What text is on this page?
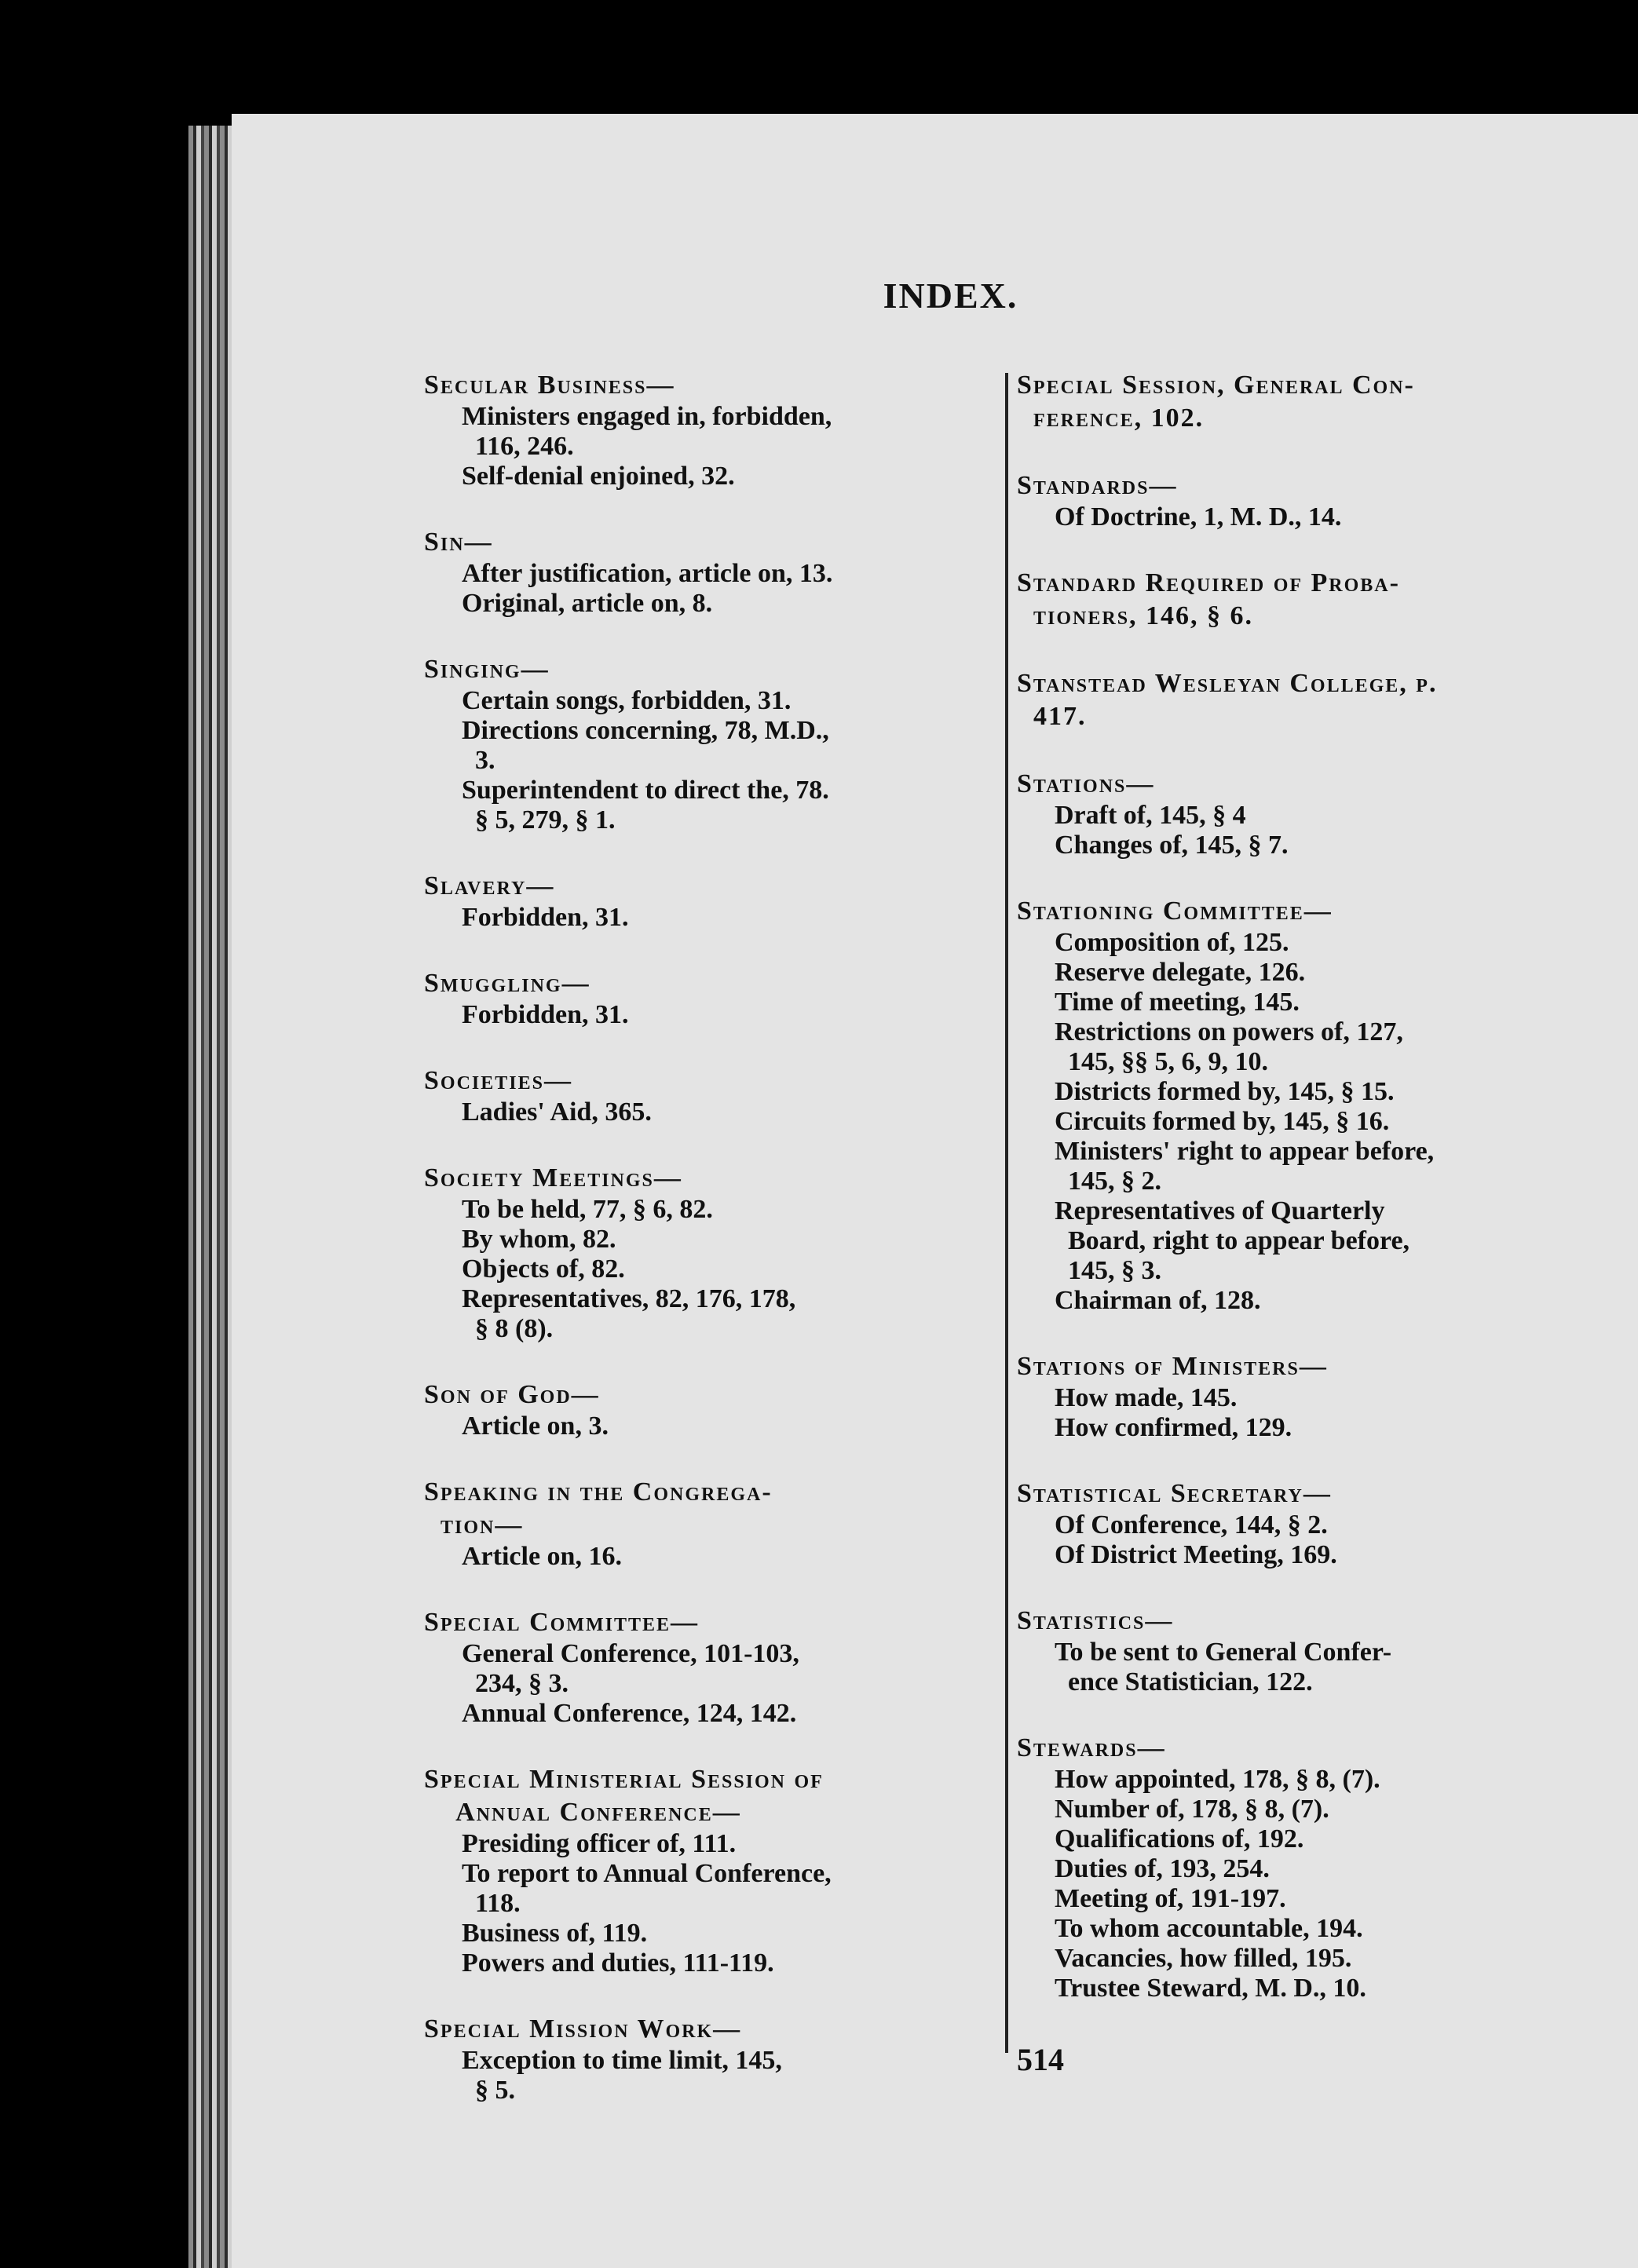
INDEX.
Secular Business—
Ministers engaged in, forbidden,
116, 246.
Self-denial enjoined, 32.
Sin—
After justification, article on, 13.
Original, article on, 8.
Singing—
Certain songs, forbidden, 31.
Directions concerning, 78, M.D.,
3.
Superintendent to direct the, 78.
§ 5, 279, § 1.
Slavery—
Forbidden, 31.
Smuggling—
Forbidden, 31.
Societies—
Ladies' Aid, 365.
Society Meetings—
To be held, 77, § 6, 82.
By whom, 82.
Objects of, 82.
Representatives, 82, 176, 178,
§ 8 (8).
Son of God—
Article on, 3.
Speaking in the Congrega-
tion—
Article on, 16.
Special Committee—
General Conference, 101-103,
234, § 3.
Annual Conference, 124, 142.
Special Ministerial Session of
Annual Conference—
Presiding officer of, 111.
To report to Annual Conference,
118.
Business of, 119.
Powers and duties, 111-119.
Special Mission Work—
Exception to time limit, 145,
§ 5.
Special Session, General Con-
ference, 102.
Standards—
Of Doctrine, 1, M. D., 14.
Standard Required of Proba-
tioners, 146, § 6.
Stanstead Wesleyan College, p.
417.
Stations—
Draft of, 145, § 4
Changes of, 145, § 7.
Stationing Committee—
Composition of, 125.
Reserve delegate, 126.
Time of meeting, 145.
Restrictions on powers of, 127,
145, §§ 5, 6, 9, 10.
Districts formed by, 145, § 15.
Circuits formed by, 145, § 16.
Ministers' right to appear before,
145, § 2.
Representatives of Quarterly
Board, right to appear before,
145, § 3.
Chairman of, 128.
Stations of Ministers—
How made, 145.
How confirmed, 129.
Statistical Secretary—
Of Conference, 144, § 2.
Of District Meeting, 169.
Statistics—
To be sent to General Confer-
ence Statistician, 122.
Stewards—
How appointed, 178, § 8, (7).
Number of, 178, § 8, (7).
Qualifications of, 192.
Duties of, 193, 254.
Meeting of, 191-197.
To whom accountable, 194.
Vacancies, how filled, 195.
Trustee Steward, M. D., 10.
514
